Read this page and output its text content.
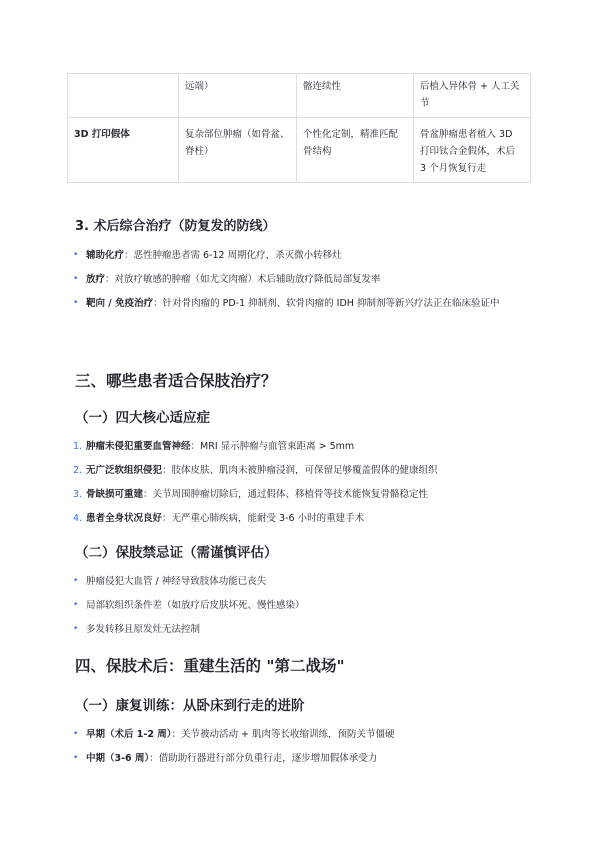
	远端）	髂连续性	后植入异体骨 + 人工关节
3D 打印假体	复杂部位肿瘤（如骨盆、脊柱）	个性化定制，精准匹配骨结构	骨盆肿瘤患者植入 3D 打印钛合金假体，术后 3 个月恢复行走
3. 术后综合治疗（防复发的防线）
• 辅助化疗：恶性肿瘤患者需 6-12 周期化疗，杀灭微小转移灶
• 放疗：对放疗敏感的肿瘤（如尤文肉瘤）术后辅助放疗降低局部复发率
• 靶向 / 免疫治疗：针对骨肉瘤的 PD-1 抑制剂、软骨肉瘤的 IDH 抑制剂等新兴疗法正在临床验证中
三、哪些患者适合保肢治疗？
（一）四大核心适应症
1. 肿瘤未侵犯重要血管神经：MRI 显示肿瘤与血管束距离 > 5mm
2. 无广泛软组织侵犯：肢体皮肤、肌肉未被肿瘤浸润，可保留足够覆盖假体的健康组织
3. 骨缺损可重建：关节周围肿瘤切除后，通过假体、移植骨等技术能恢复骨骼稳定性
4. 患者全身状况良好：无严重心肺疾病，能耐受 3-6 小时的重建手术
（二）保肢禁忌证（需谨慎评估）
• 肿瘤侵犯大血管 / 神经导致肢体功能已丧失
• 局部软组织条件差（如放疗后皮肤坏死、慢性感染）
• 多发转移且原发灶无法控制
四、保肢术后：重建生活的 "第二战场"
（一）康复训练：从卧床到行走的进阶
• 早期（术后 1-2 周）：关节被动活动 + 肌肉等长收缩训练，预防关节僵硬
• 中期（3-6 周）：借助助行器进行部分负重行走，逐步增加假体承受力
